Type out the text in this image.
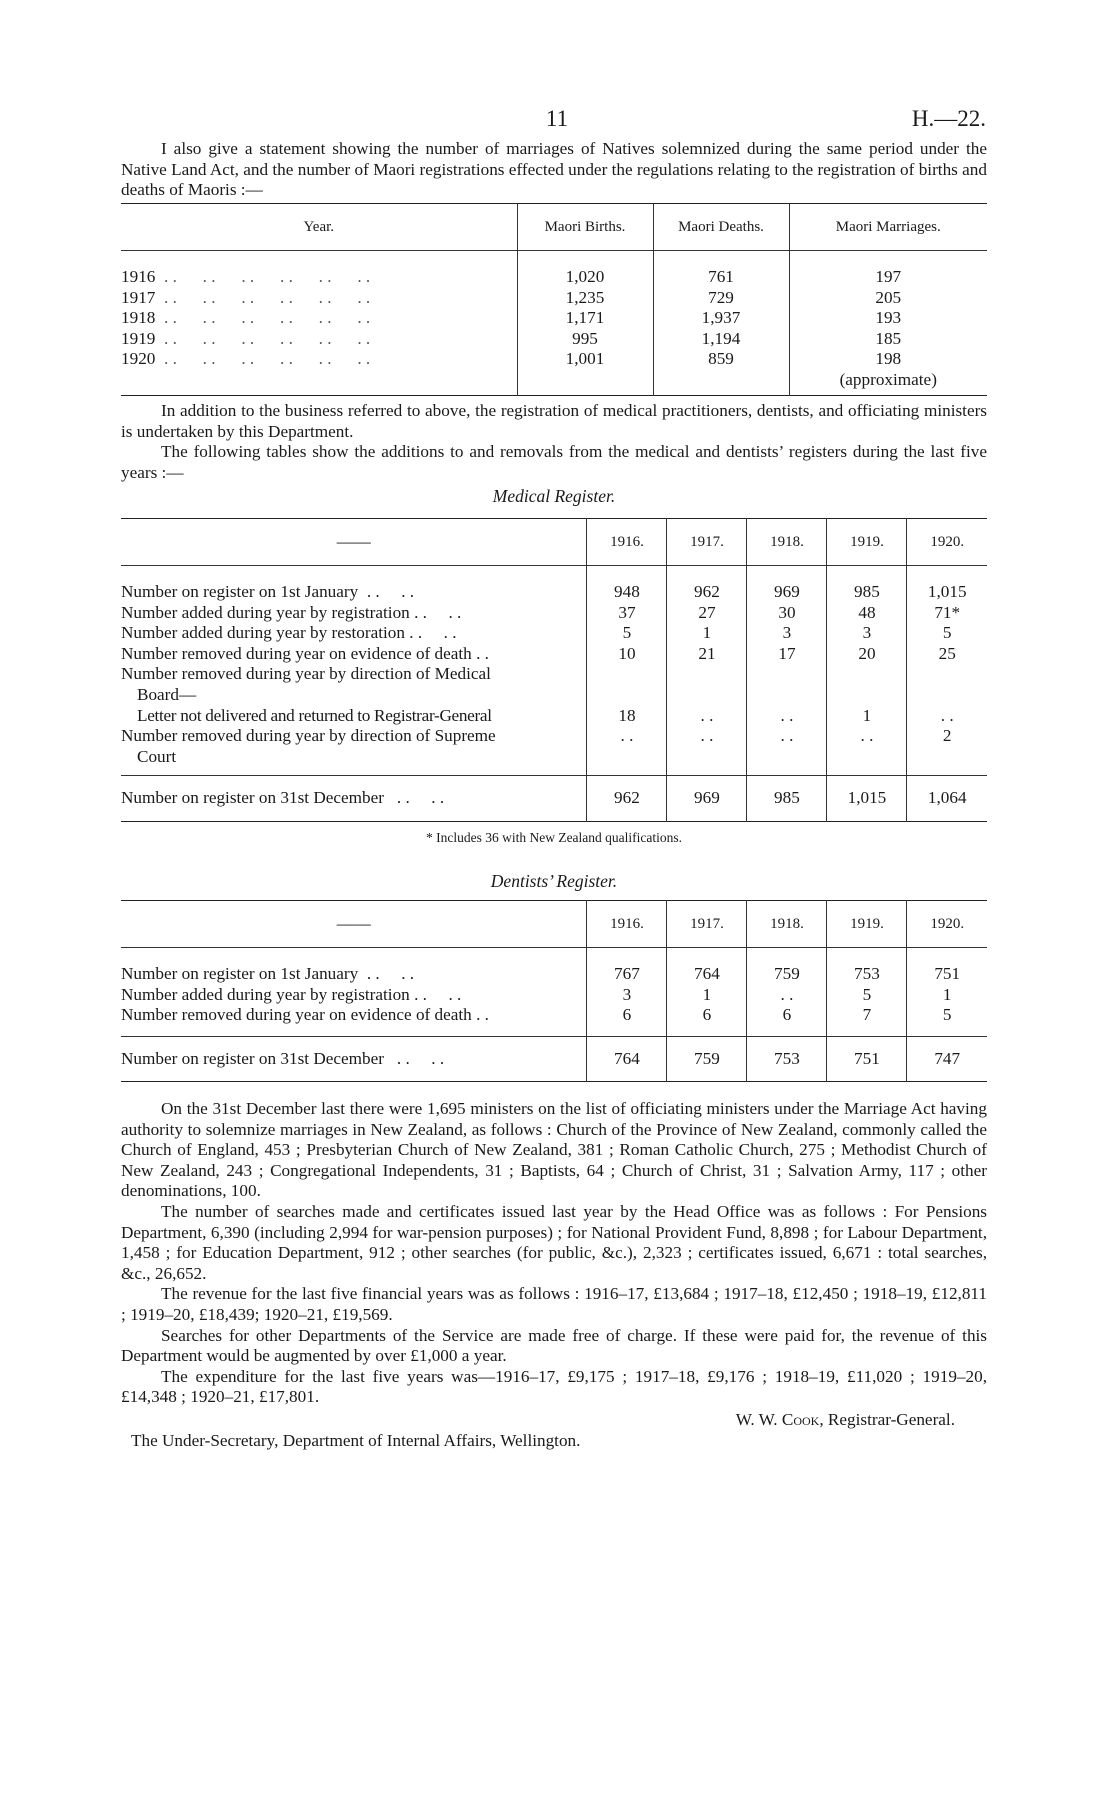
11	H.—22.

I also give a statement showing the number of marriages of Natives solemnized during the same period under the Native Land Act, and the number of Maori registrations effected under the regulations relating to the registration of births and deaths of Maoris :—

Year.	Maori Births.	Maori Deaths.	Maori Marriages.

1916  . .      . .      . .      . .      . .      . .	1,020	761	197
1917  . .      . .      . .      . .      . .      . .	1,235	729	205
1918  . .      . .      . .      . .      . .      . .	1,171	1,937	193
1919  . .      . .      . .      . .      . .      . .	995	1,194	185
1920  . .      . .      . .      . .      . .      . .	1,001	859	198
			(approximate)

In addition to the business referred to above, the registration of medical practitioners, dentists, and officiating ministers is undertaken by this Department.

The following tables show the additions to and removals from the medical and dentists’ registers during the last five years :—

Medical Register.
——	1916.	1917.	1918.	1919.	1920.

Number on register on 1st January  . .     . .	948	962	969	985	1,015
Number added during year by registration . .     . .	37	27	30	48	71*
Number added during year by restoration . .     . .	5	1	3	3	5
Number removed during year on evidence of death . .	10	21	17	20	25
Number removed during year by direction of Medical
Board—					
Letter not delivered and returned to Registrar-General	18	. .	. .	1	. .
Number removed during year by direction of Supreme
Court	. .	. .	. .	. .	2
Number on register on 31st December   . .     . .	962	969	985	1,015	1,064
* Includes 36 with New Zealand qualifications.
Dentists’ Register.
——	1916.	1917.	1918.	1919.	1920.

Number on register on 1st January  . .     . .	767	764	759	753	751
Number added during year by registration . .     . .	3	1	. .	5	1
Number removed during year on evidence of death . .	6	6	6	7	5
Number on register on 31st December   . .     . .	764	759	753	751	747

On the 31st December last there were 1,695 ministers on the list of officiating ministers under the Marriage Act having authority to solemnize marriages in New Zealand, as follows : Church of the Province of New Zealand, commonly called the Church of England, 453 ; Presbyterian Church of New Zealand, 381 ; Roman Catholic Church, 275 ; Methodist Church of New Zealand, 243 ; Congregational Independents, 31 ; Baptists, 64 ; Church of Christ, 31 ; Salvation Army, 117 ; other denominations, 100.

The number of searches made and certificates issued last year by the Head Office was as follows : For Pensions Department, 6,390 (including 2,994 for war-pension purposes) ; for National Provident Fund, 8,898 ; for Labour Department, 1,458 ; for Education Department, 912 ; other searches (for public, &c.), 2,323 ; certificates issued, 6,671 : total searches, &c., 26,652.

The revenue for the last five financial years was as follows : 1916–17, £13,684 ; 1917–18, £12,450 ; 1918–19, £12,811 ; 1919–20, £18,439; 1920–21, £19,569.

Searches for other Departments of the Service are made free of charge. If these were paid for, the revenue of this Department would be augmented by over £1,000 a year.

The expenditure for the last five years was—1916–17, £9,175 ; 1917–18, £9,176 ; 1918–19, £11,020 ; 1919–20, £14,348 ; 1920–21, £17,801.

W. W. Cook, Registrar-General.

The Under-Secretary, Department of Internal Affairs, Wellington.
